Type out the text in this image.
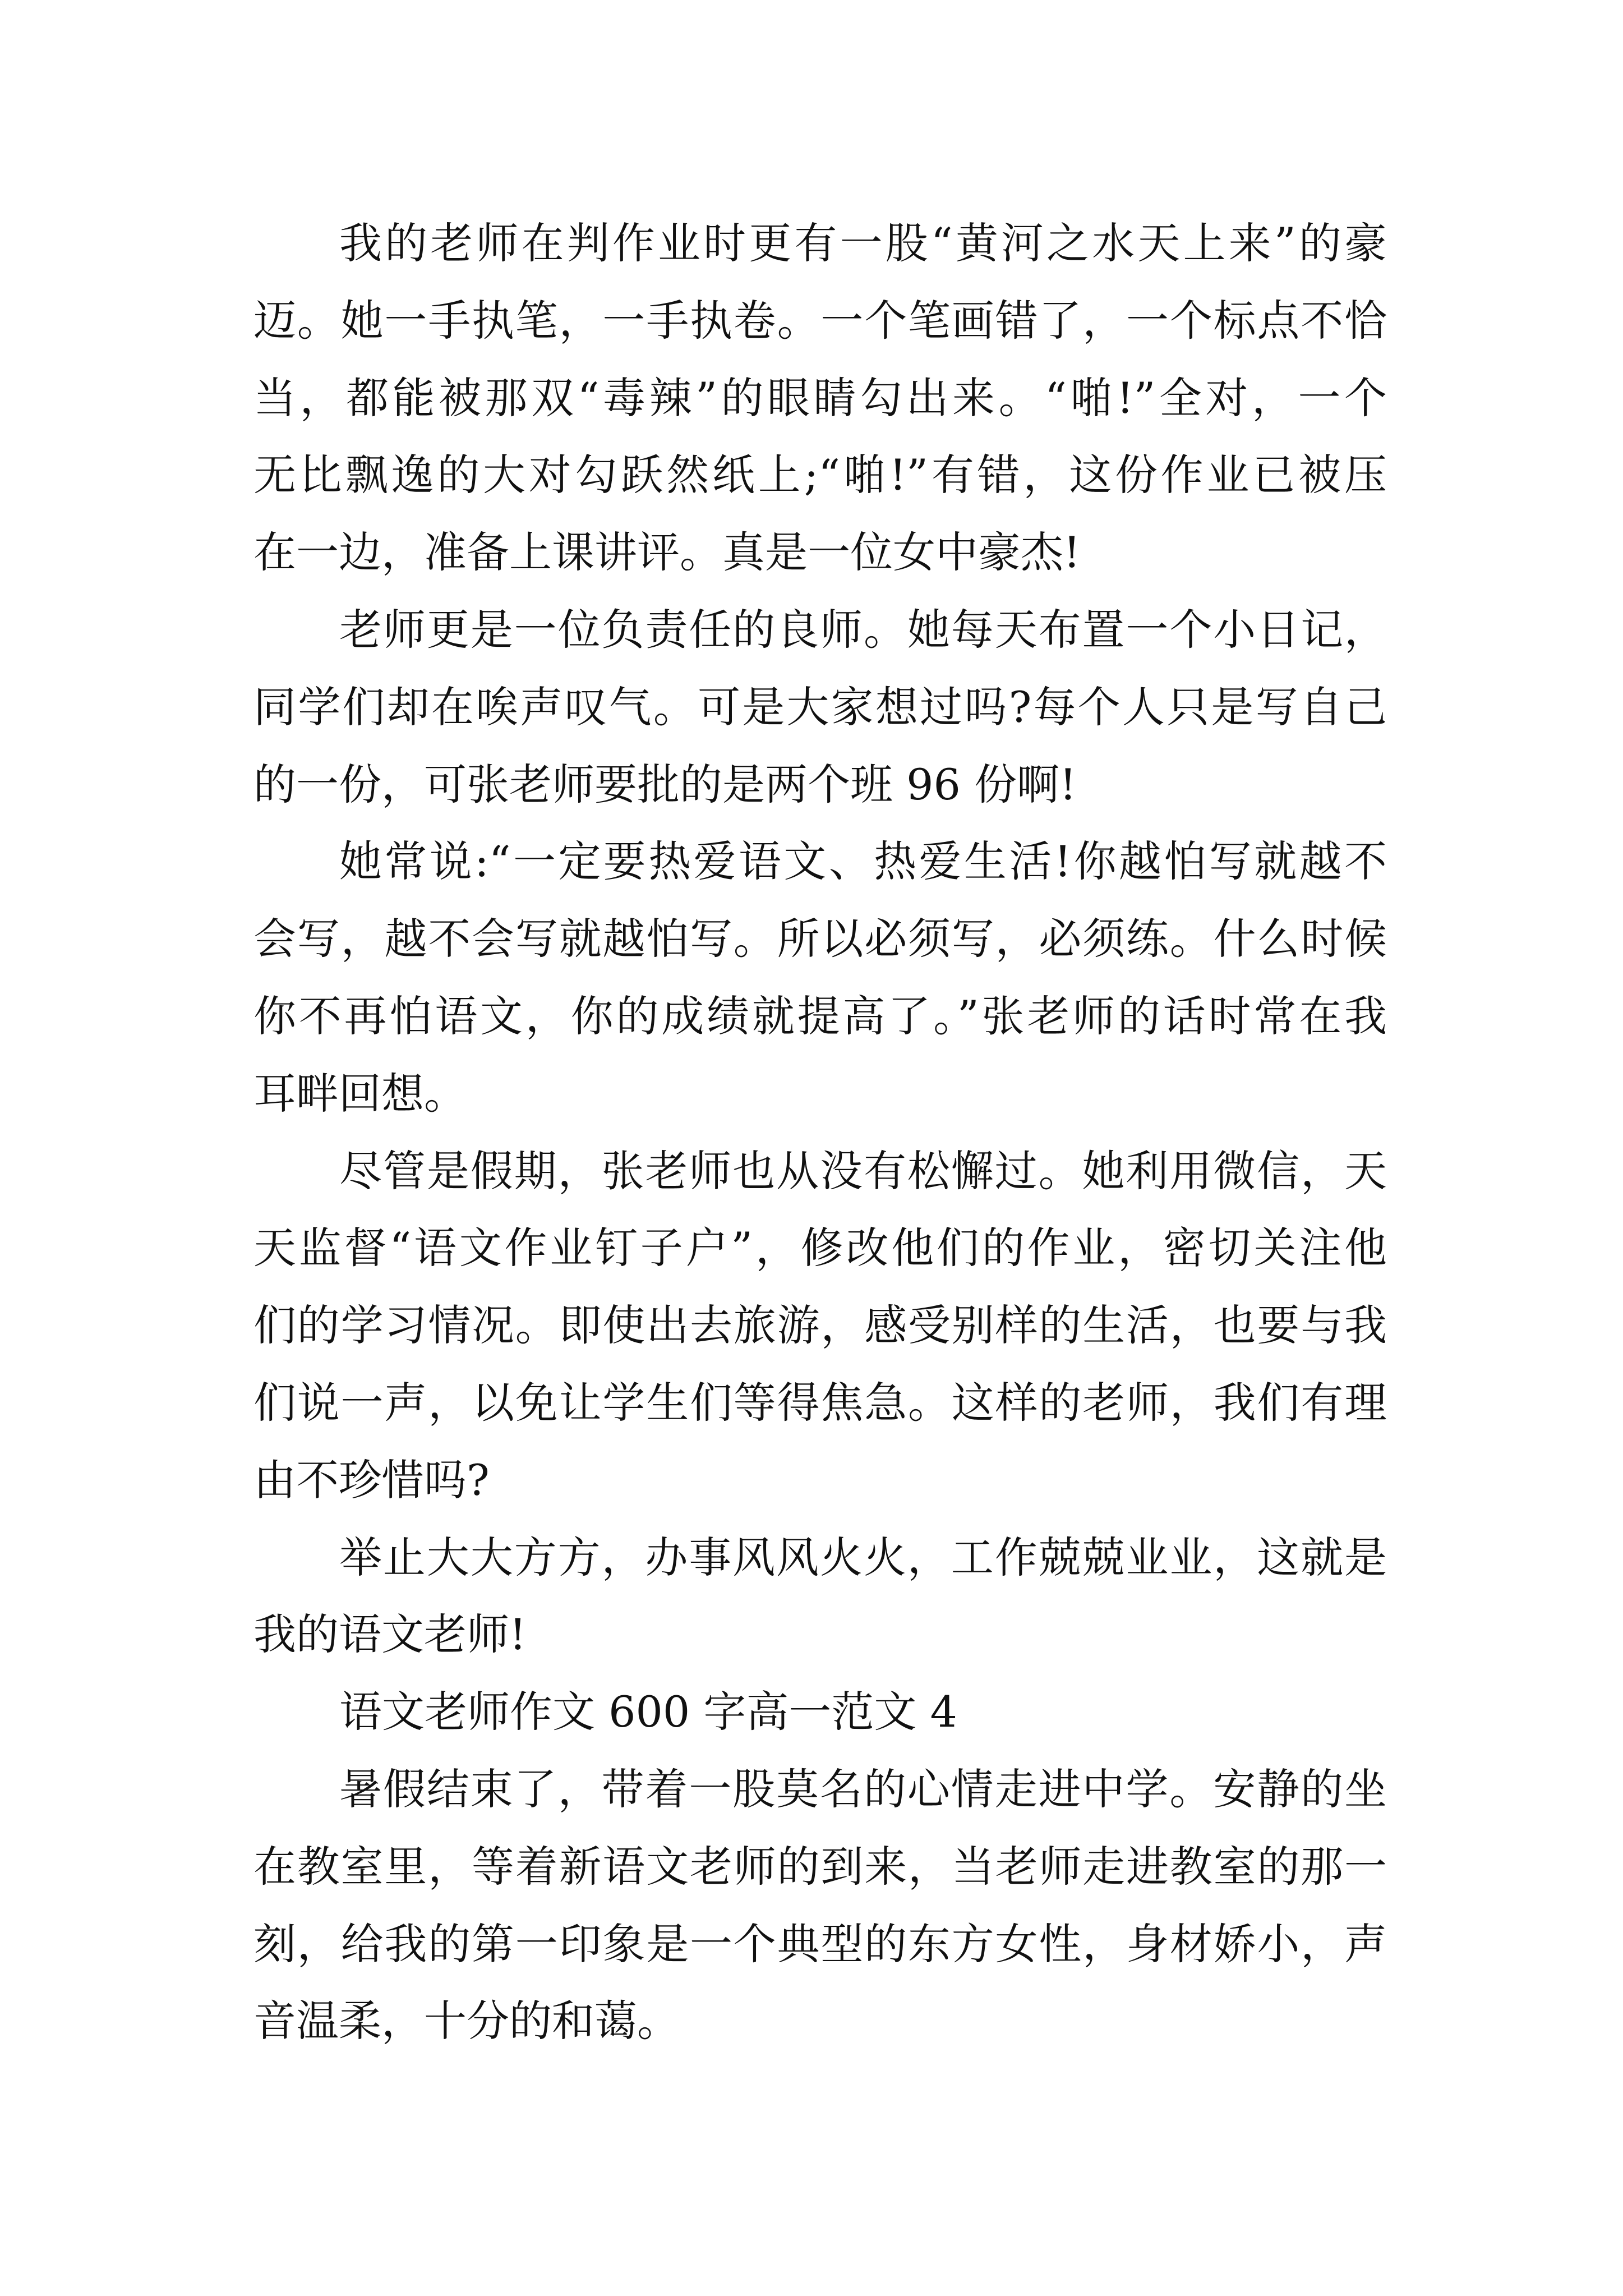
我的老师在判作业时更有一股“黄河之水天上来”的豪
迈。她一手执笔，一手执卷。一个笔画错了，一个标点不恰
当，都能被那双“毒辣”的眼睛勾出来。“啪!”全对，一个
无比飘逸的大对勾跃然纸上;“啪!”有错，这份作业已被压
在一边，准备上课讲评。真是一位女中豪杰!
老师更是一位负责任的良师。她每天布置一个小日记，
同学们却在唉声叹气。可是大家想过吗?每个人只是写自己
的一份，可张老师要批的是两个班 96 份啊!
她常说:“一定要热爱语文、热爱生活!你越怕写就越不
会写，越不会写就越怕写。所以必须写，必须练。什么时候
你不再怕语文，你的成绩就提高了。”张老师的话时常在我
耳畔回想。
尽管是假期，张老师也从没有松懈过。她利用微信，天
天监督“语文作业钉子户”，修改他们的作业，密切关注他
们的学习情况。即使出去旅游，感受别样的生活，也要与我
们说一声，以免让学生们等得焦急。这样的老师，我们有理
由不珍惜吗?
举止大大方方，办事风风火火，工作兢兢业业，这就是
我的语文老师!
语文老师作文 600 字高一范文 4
暑假结束了，带着一股莫名的心情走进中学。安静的坐
在教室里，等着新语文老师的到来，当老师走进教室的那一
刻，给我的第一印象是一个典型的东方女性，身材娇小，声
音温柔，十分的和蔼。
